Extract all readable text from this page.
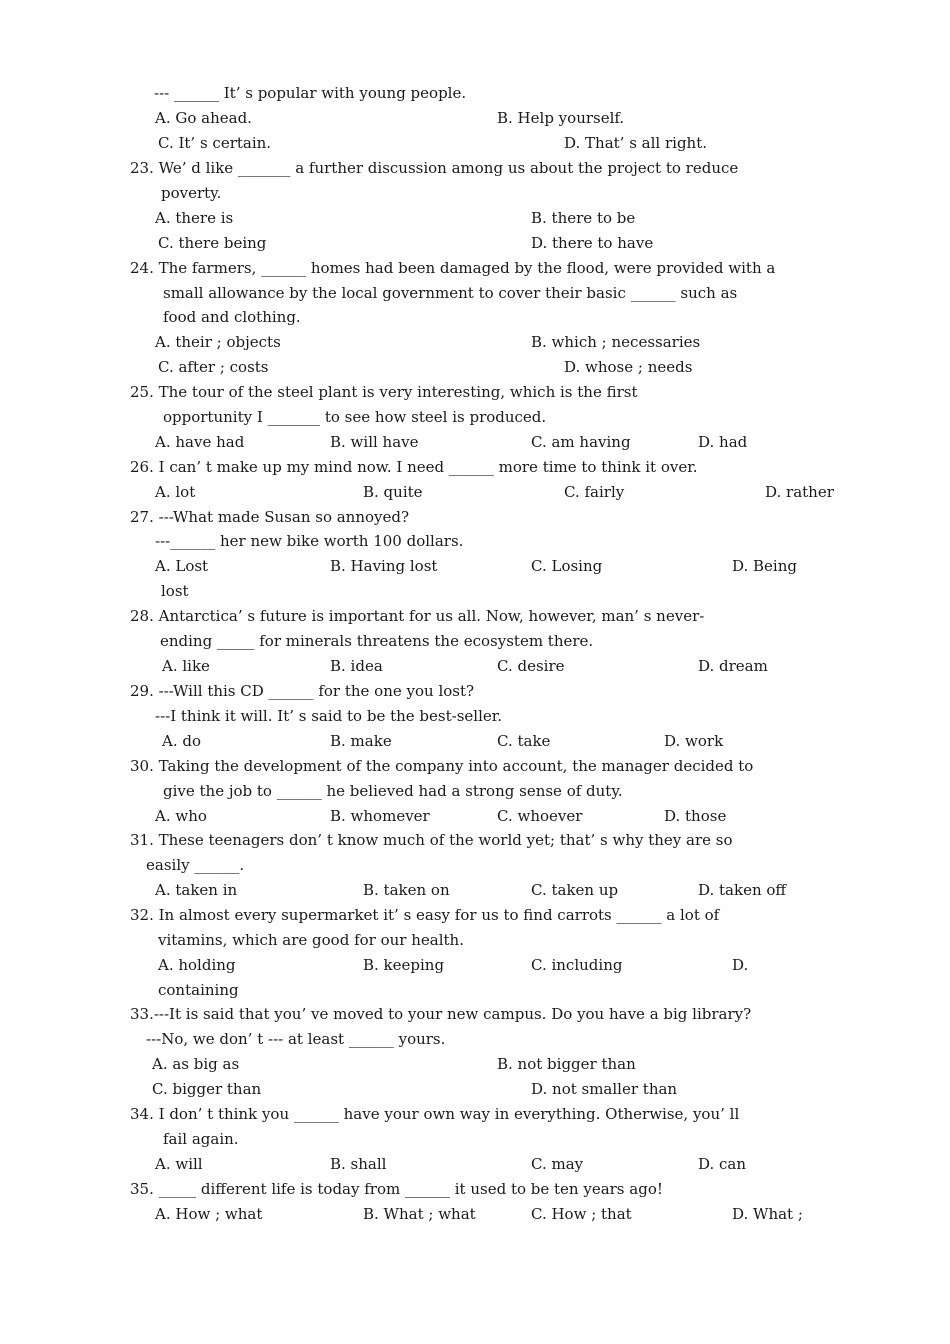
--- ______ It’ s popular with young people.
A. Go ahead.	B. Help yourself.
C. It’ s certain.	D. That’ s all right.
23. We’ d like _______ a further discussion among us about the project to reduce
poverty.
A. there is	B. there to be
C. there being	D. there to have
24. The farmers, ______ homes had been damaged by the flood, were provided with a
small allowance by the local government to cover their basic ______ such as
food and clothing.
A. their ; objects	B. which ; necessaries
C. after ; costs	D. whose ; needs
25. The tour of the steel plant is very interesting, which is the first
opportunity I _______ to see how steel is produced.
A. have had	B. will have	C. am having	D. had
26. I can’ t make up my mind now. I need ______ more time to think it over.
A. lot	B. quite	C. fairly	D. rather
27. ---What made Susan so annoyed?
---______ her new bike worth 100 dollars.
A. Lost	B. Having lost	C. Losing	D. Being
lost
28. Antarctica’ s future is important for us all. Now, however, man’ s never-
ending _____ for minerals threatens the ecosystem there.
A. like	B. idea	C. desire	D. dream
29. ---Will this CD ______ for the one you lost?
---I think it will. It’ s said to be the best-seller.
A. do	B. make	C. take	D. work
30. Taking the development of the company into account, the manager decided to
give the job to ______ he believed had a strong sense of duty.
A. who	B. whomever	C. whoever	D. those
31. These teenagers don’ t know much of the world yet; that’ s why they are so
easily ______.
A. taken in	B. taken on	C. taken up	D. taken off
32. In almost every supermarket it’ s easy for us to find carrots ______ a lot of
vitamins, which are good for our health.
A. holding	B. keeping	C. including	D.
containing
33.---It is said that you’ ve moved to your new campus. Do you have a big library?
---No, we don’ t --- at least ______ yours.
A. as big as	B. not bigger than
C. bigger than	D. not smaller than
34. I don’ t think you ______ have your own way in everything. Otherwise, you’ ll
fail again.
A. will	B. shall	C. may	D. can
35. _____ different life is today from ______ it used to be ten years ago!
A. How ; what	B. What ; what	C. How ; that	D. What ;
